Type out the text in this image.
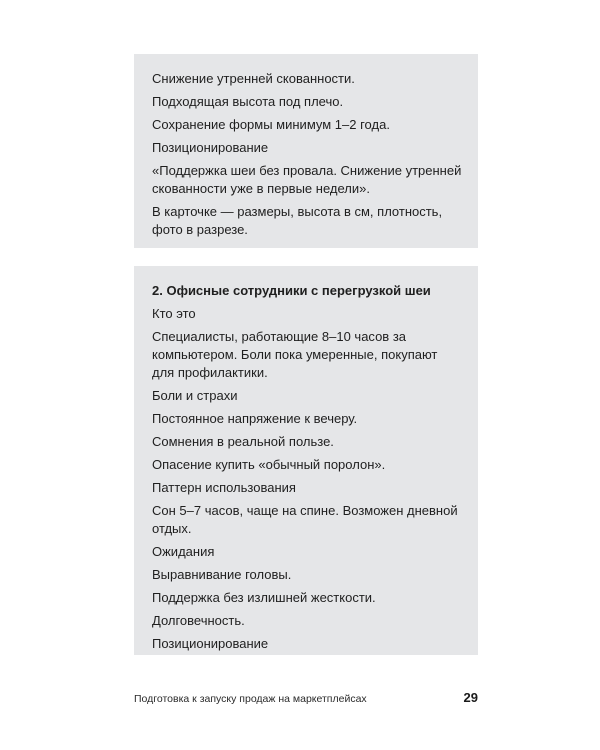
Снижение утренней скованности.

Подходящая высота под плечо.

Сохранение формы минимум 1–2 года.

Позиционирование

«Поддержка шеи без провала. Снижение утренней скованности уже в первые недели».

В карточке — размеры, высота в см, плотность, фото в разрезе.

2. Офисные сотрудники с перегрузкой шеи

Кто это

Специалисты, работающие 8–10 часов за компьютером. Боли пока умеренные, покупают для профилактики.

Боли и страхи

Постоянное напряжение к вечеру.

Сомнения в реальной пользе.

Опасение купить «обычный поролон».

Паттерн использования

Сон 5–7 часов, чаще на спине. Возможен дневной отдых.

Ожидания

Выравнивание головы.

Поддержка без излишней жесткости.

Долговечность.

Позиционирование

Подготовка к запуску продаж на маркетплейсах	29
